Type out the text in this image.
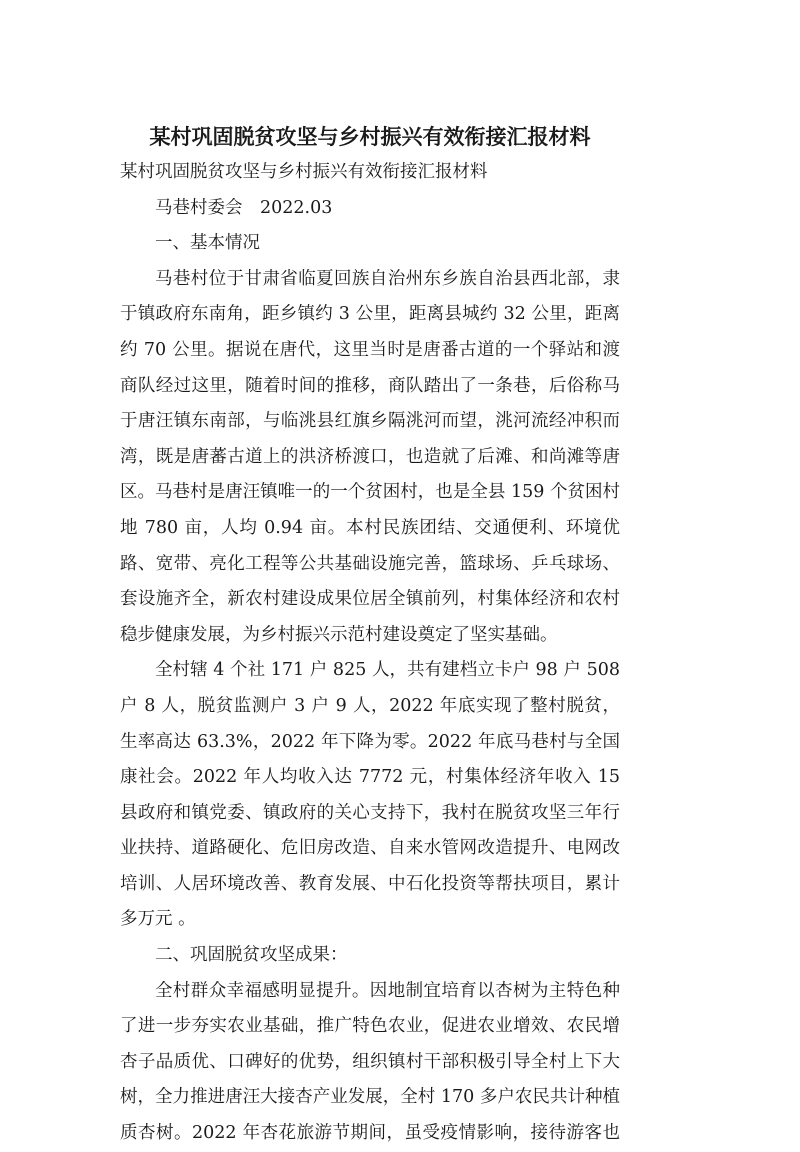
某村巩固脱贫攻坚与乡村振兴有效衔接汇报材料
某村巩固脱贫攻坚与乡村振兴有效衔接汇报材料
马巷村委会　2022.03
一、基本情况
马巷村位于甘肃省临夏回族自治州东乡族自治县西北部，隶
于镇政府东南角，距乡镇约 3 公里，距离县城约 32 公里，距离
约 70 公里。据说在唐代，这里当时是唐番古道的一个驿站和渡
商队经过这里，随着时间的推移，商队踏出了一条巷，后俗称马
于唐汪镇东南部，与临洮县红旗乡隔洮河而望，洮河流经冲积而
湾，既是唐蕃古道上的洪济桥渡口，也造就了后滩、和尚滩等唐
区。马巷村是唐汪镇唯一的一个贫困村，也是全县 159 个贫困村
地 780 亩，人均 0.94 亩。本村民族团结、交通便利、环境优
路、宽带、亮化工程等公共基础设施完善，篮球场、乒乓球场、
套设施齐全，新农村建设成果位居全镇前列，村集体经济和农村
稳步健康发展，为乡村振兴示范村建设奠定了坚实基础。
全村辖 4 个社 171 户 825 人，共有建档立卡户 98 户 508
户 8 人，脱贫监测户 3 户 9 人，2022 年底实现了整村脱贫，
生率高达 63.3%，2022 年下降为零。2022 年底马巷村与全国
康社会。2022 年人均收入达 7772 元，村集体经济年收入 15
县政府和镇党委、镇政府的关心支持下，我村在脱贫攻坚三年行
业扶持、道路硬化、危旧房改造、自来水管网改造提升、电网改
培训、人居环境改善、教育发展、中石化投资等帮扶项目，累计
多万元 。
二、巩固脱贫攻坚成果：
全村群众幸福感明显提升。因地制宜培育以杏树为主特色种
了进一步夯实农业基础，推广特色农业，促进农业增效、农民增
杏子品质优、口碑好的优势，组织镇村干部积极引导全村上下大
树，全力推进唐汪大接杏产业发展，全村 170 多户农民共计种植
质杏树。2022 年杏花旅游节期间，虽受疫情影响，接待游客也
